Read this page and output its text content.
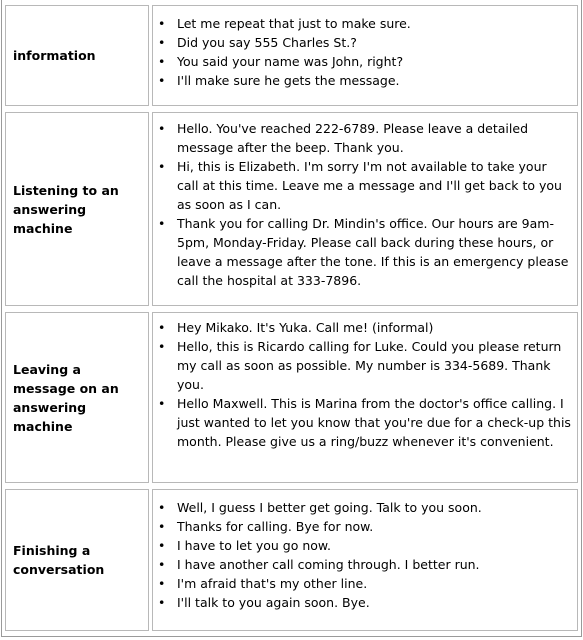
information
• Let me repeat that just to make sure.
• Did you say 555 Charles St.?
• You said your name was John, right?
• I'll make sure he gets the message.
Listening to an answering machine
• Hello. You've reached 222-6789. Please leave a detailed message after the beep. Thank you.
• Hi, this is Elizabeth. I'm sorry I'm not available to take your call at this time. Leave me a message and I'll get back to you as soon as I can.
• Thank you for calling Dr. Mindin's office. Our hours are 9am-5pm, Monday-Friday. Please call back during these hours, or leave a message after the tone. If this is an emergency please call the hospital at 333-7896.
Leaving a message on an answering machine
• Hey Mikako. It's Yuka. Call me! (informal)
• Hello, this is Ricardo calling for Luke. Could you please return my call as soon as possible. My number is 334-5689. Thank you.
• Hello Maxwell. This is Marina from the doctor's office calling. I just wanted to let you know that you're due for a check-up this month. Please give us a ring/buzz whenever it's convenient.
Finishing a conversation
• Well, I guess I better get going. Talk to you soon.
• Thanks for calling. Bye for now.
• I have to let you go now.
• I have another call coming through. I better run.
• I'm afraid that's my other line.
• I'll talk to you again soon. Bye.
